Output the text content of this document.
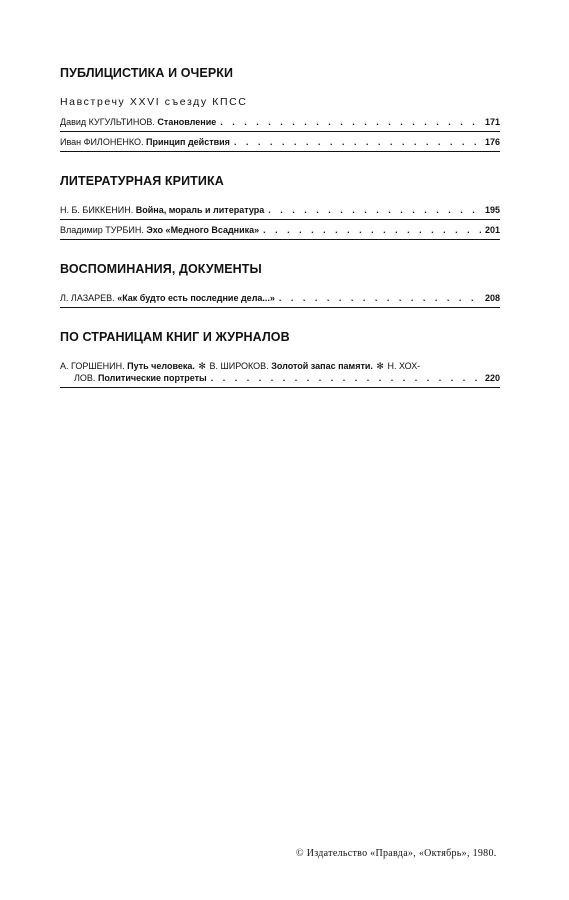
ПУБЛИЦИСТИКА И ОЧЕРКИ
Навстречу XXVI съезду КПСС
Давид КУГУЛЬТИНОВ. Становление . . .	171
Иван ФИЛОНЕНКО. Принцип действия . . .	176
ЛИТЕРАТУРНАЯ КРИТИКА
Н. Б. БИККЕНИН. Война, мораль и литература . . .	195
Владимир ТУРБИН. Эхо «Медного Всадника» . . .	201
ВОСПОМИНАНИЯ, ДОКУМЕНТЫ
Л. ЛАЗАРЕВ. «Как будто есть последние дела...» . . .	208
ПО СТРАНИЦАМ КНИГ И ЖУРНАЛОВ
А. ГОРШЕНИН. Путь человека. ✻ В. ШИРОКОВ. Золотой запас памяти. ✻ Н. ХОХ-
ЛОВ. Политические портреты . . .	220
© Издательство «Правда», «Октябрь», 1980.
